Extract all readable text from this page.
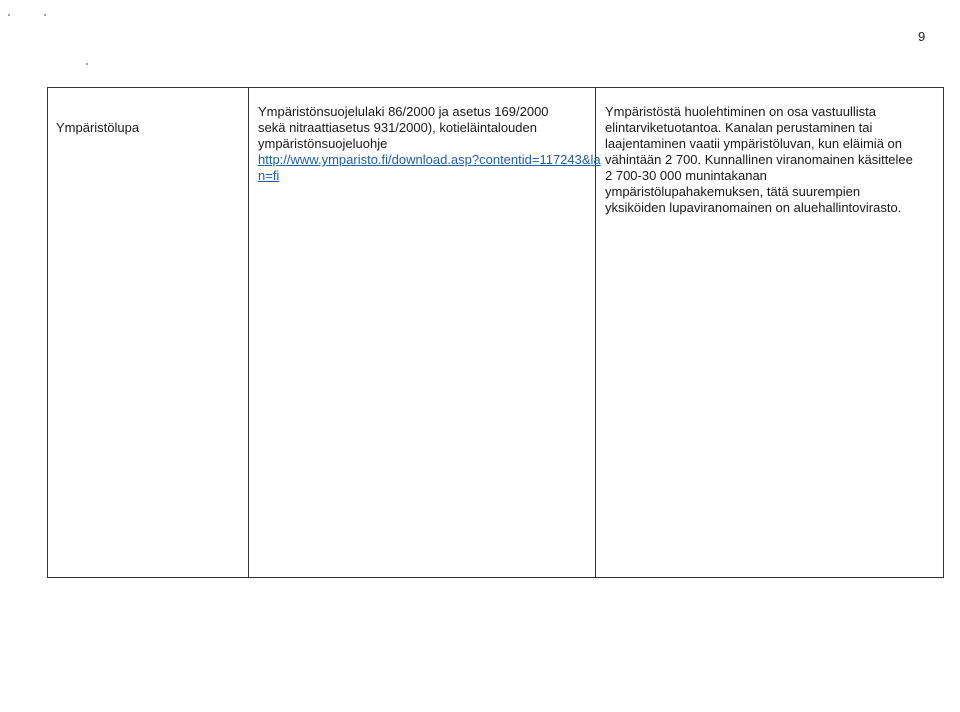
9
Ympäristölupa

Ympäristönsuojelulaki 86/2000 ja asetus 169/2000
sekä nitraattiasetus 931/2000), kotieläintalouden
ympäristönsuojeluohje
http://www.ymparisto.fi/download.asp?contentid=117243&la
n=fi

Ympäristöstä huolehtiminen on osa vastuullista
elintarviketuotantoa. Kanalan perustaminen tai
laajentaminen vaatii ympäristöluvan, kun eläimiä on
vähintään 2 700. Kunnallinen viranomainen käsittelee
2 700-30 000 munintakanan
ympäristölupahakemuksen, tätä suurempien
yksiköiden lupaviranomainen on aluehallintovirasto.
